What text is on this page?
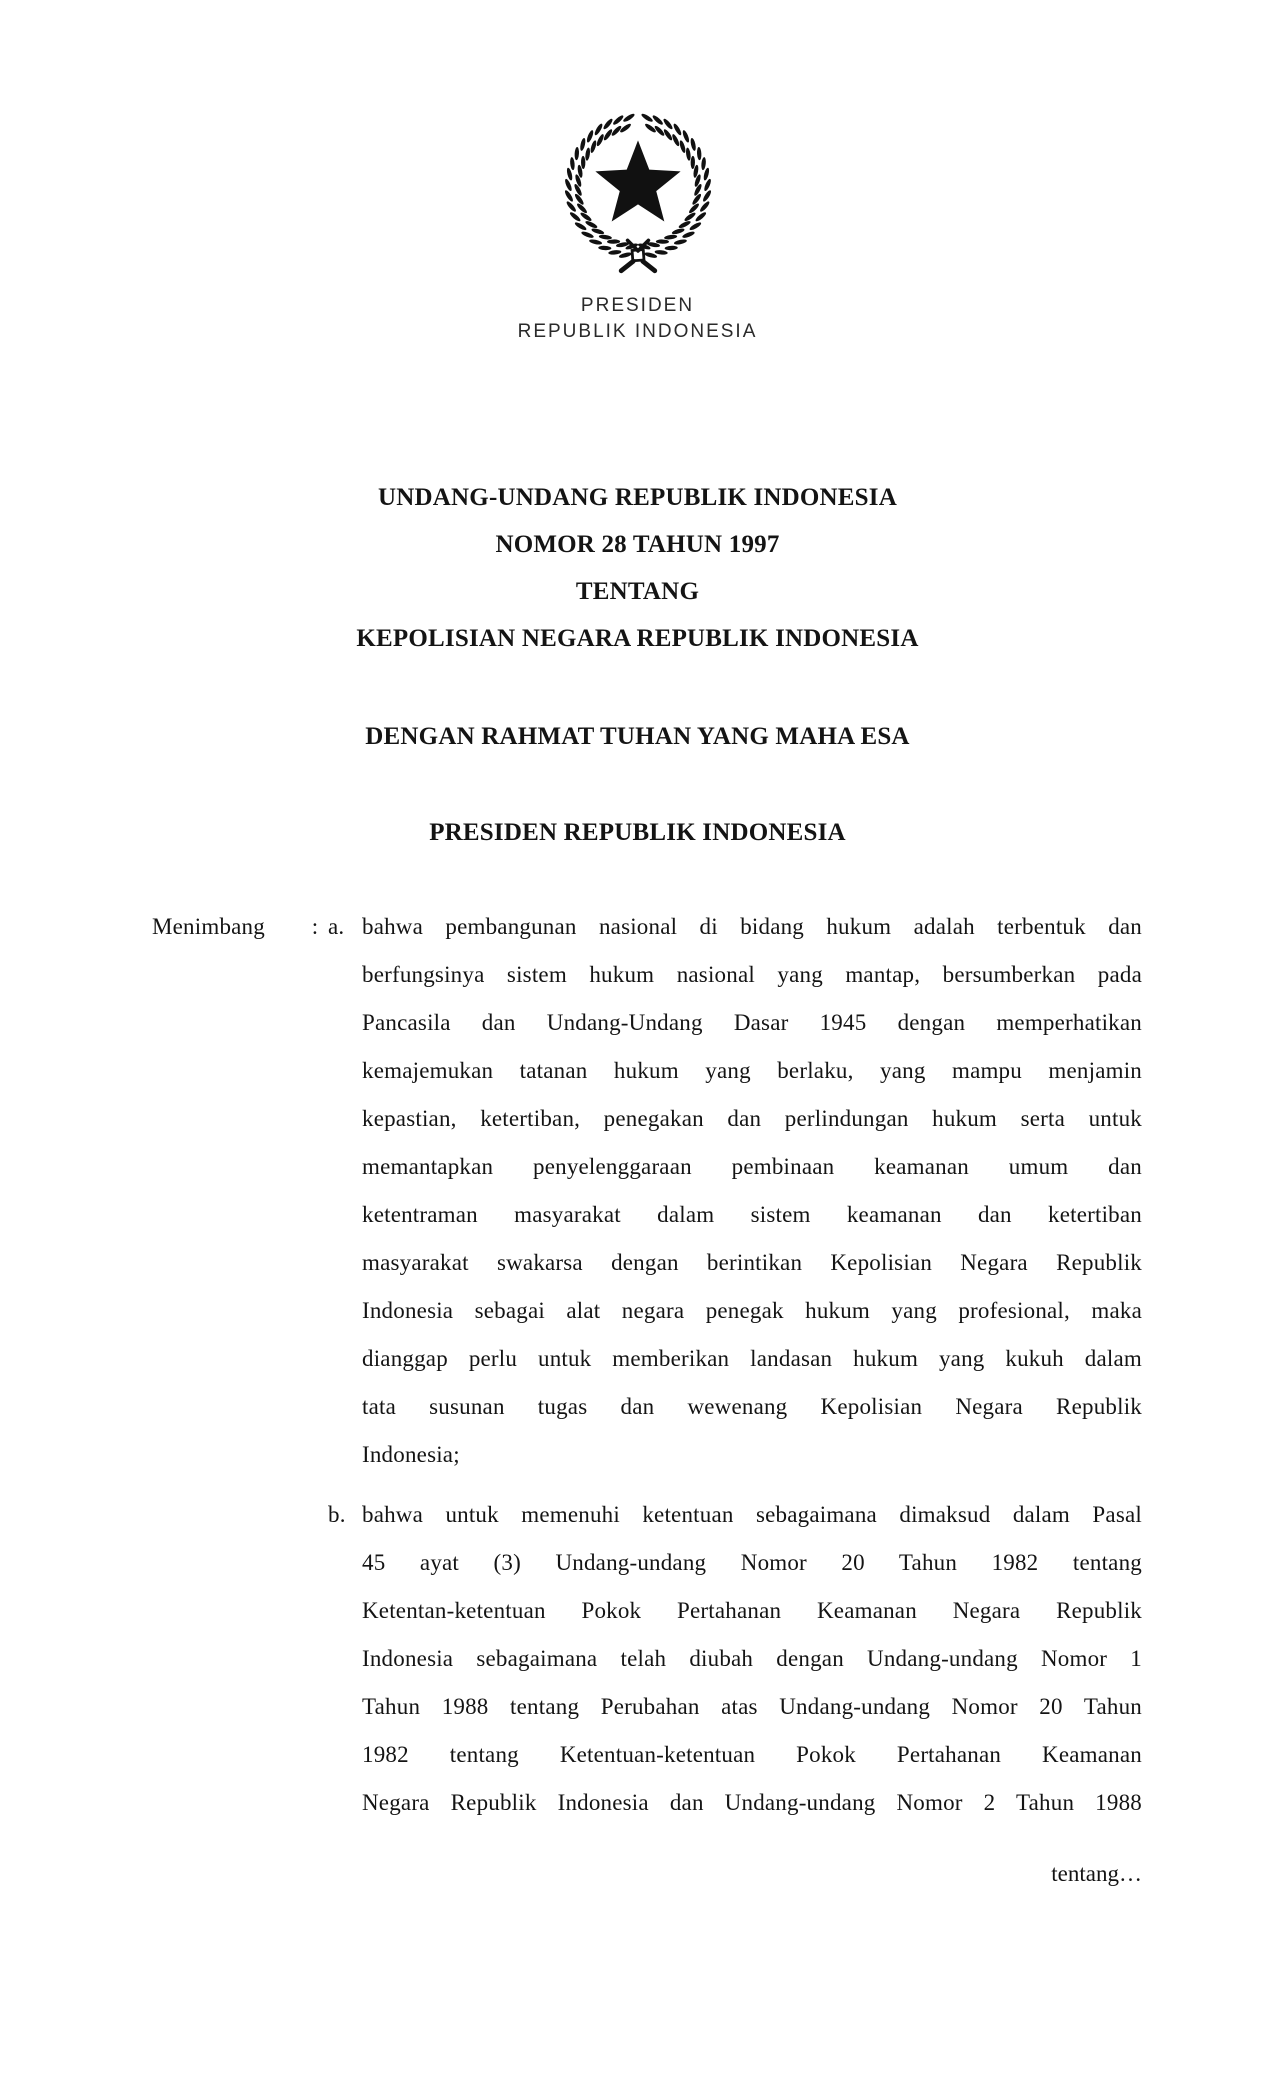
PRESIDEN
REPUBLIK INDONESIA
UNDANG-UNDANG REPUBLIK INDONESIA
NOMOR 28 TAHUN 1997
TENTANG
KEPOLISIAN NEGARA REPUBLIK INDONESIA
DENGAN RAHMAT TUHAN YANG MAHA ESA
PRESIDEN REPUBLIK INDONESIA
Menimbang	: a. bahwa pembangunan nasional di bidang hukum adalah terbentuk dan
berfungsinya sistem hukum nasional yang mantap, bersumberkan pada
Pancasila dan Undang-Undang Dasar 1945 dengan memperhatikan
kemajemukan tatanan hukum yang berlaku, yang mampu menjamin
kepastian, ketertiban, penegakan dan perlindungan hukum serta untuk
memantapkan penyelenggaraan pembinaan keamanan umum dan
ketentraman masyarakat dalam sistem keamanan dan ketertiban
masyarakat swakarsa dengan berintikan Kepolisian Negara Republik
Indonesia sebagai alat negara penegak hukum yang profesional, maka
dianggap perlu untuk memberikan landasan hukum yang kukuh dalam
tata susunan tugas dan wewenang Kepolisian Negara Republik
Indonesia;
b. bahwa untuk memenuhi ketentuan sebagaimana dimaksud dalam Pasal
45 ayat (3) Undang-undang Nomor 20 Tahun 1982 tentang
Ketentan-ketentuan Pokok Pertahanan Keamanan Negara Republik
Indonesia sebagaimana telah diubah dengan Undang-undang Nomor 1
Tahun 1988 tentang Perubahan atas Undang-undang Nomor 20 Tahun
1982 tentang Ketentuan-ketentuan Pokok Pertahanan Keamanan
Negara Republik Indonesia dan Undang-undang Nomor 2 Tahun 1988
tentang…
